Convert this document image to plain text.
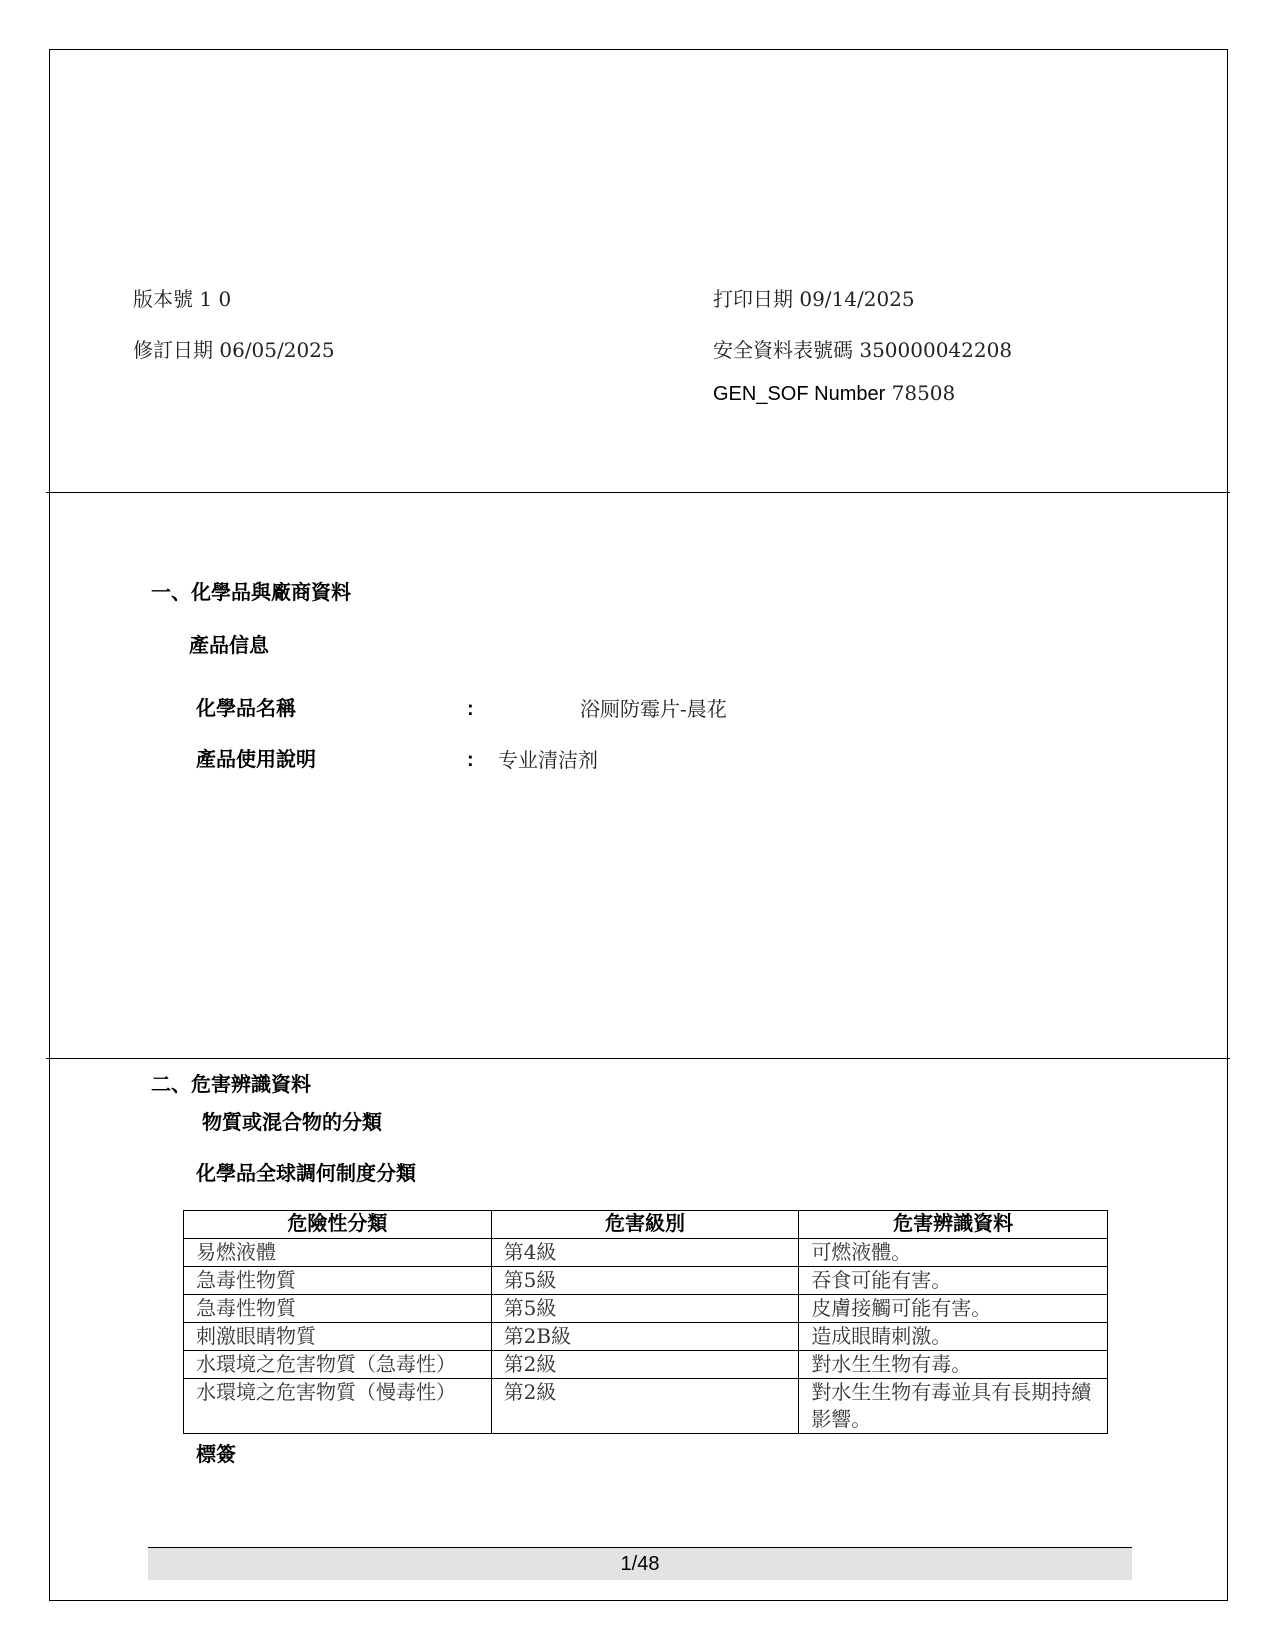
版本號 1 0
修訂日期 06/05/2025
打印日期 09/14/2025
安全資料表號碼 350000042208
GEN_SOF Number 78508
一、化學品與廠商資料
產品信息
化學品名稱	:	浴厕防霉片-晨花
產品使用說明	: 专业清洁剂
二、危害辨識資料
物質或混合物的分類
化學品全球調何制度分類
危險性分類	危害級別	危害辨識資料
易燃液體	第4級	可燃液體。
急毒性物質	第5級	吞食可能有害。
急毒性物質	第5級	皮膚接觸可能有害。
刺激眼睛物質	第2B級	造成眼睛刺激。
水環境之危害物質（急毒性）	第2級	對水生生物有毒。
水環境之危害物質（慢毒性）	第2級	對水生生物有毒並具有長期持續影響。
標簽
1/48
